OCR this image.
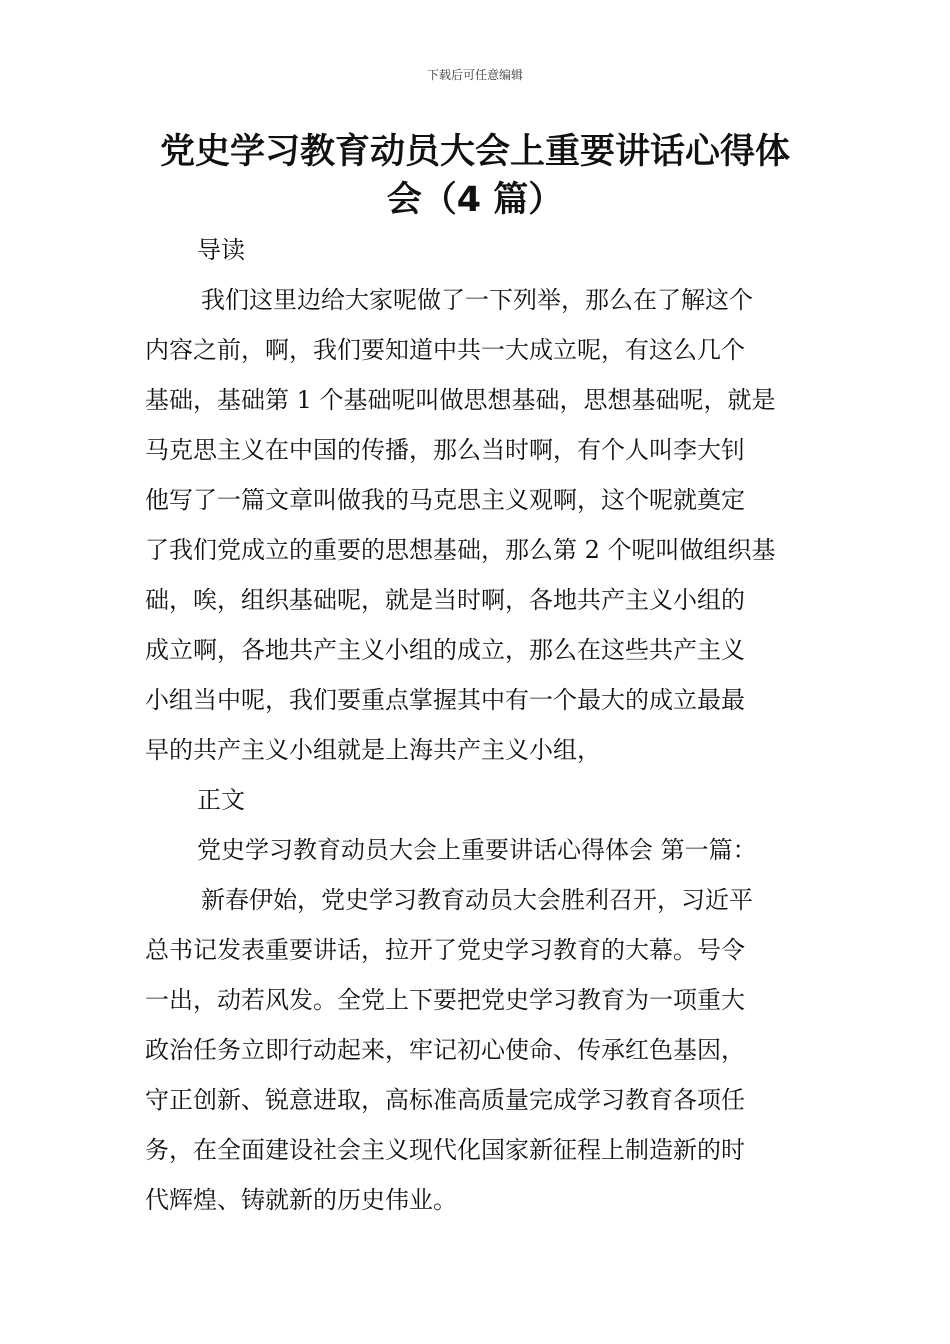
下载后可任意编辑
党史学习教育动员大会上重要讲话心得体
会（4 篇）
导读
我们这里边给大家呢做了一下列举，那么在了解这个
内容之前，啊，我们要知道中共一大成立呢，有这么几个
基础，基础第 1 个基础呢叫做思想基础，思想基础呢，就是
马克思主义在中国的传播，那么当时啊，有个人叫李大钊
他写了一篇文章叫做我的马克思主义观啊，这个呢就奠定
了我们党成立的重要的思想基础，那么第 2 个呢叫做组织基
础，唉，组织基础呢，就是当时啊，各地共产主义小组的
成立啊，各地共产主义小组的成立，那么在这些共产主义
小组当中呢，我们要重点掌握其中有一个最大的成立最最
早的共产主义小组就是上海共产主义小组，
正文
党史学习教育动员大会上重要讲话心得体会 第一篇：
新春伊始，党史学习教育动员大会胜利召开，习近平
总书记发表重要讲话，拉开了党史学习教育的大幕。号令
一出，动若风发。全党上下要把党史学习教育为一项重大
政治任务立即行动起来，牢记初心使命、传承红色基因，
守正创新、锐意进取，高标准高质量完成学习教育各项任
务，在全面建设社会主义现代化国家新征程上制造新的时
代辉煌、铸就新的历史伟业。
